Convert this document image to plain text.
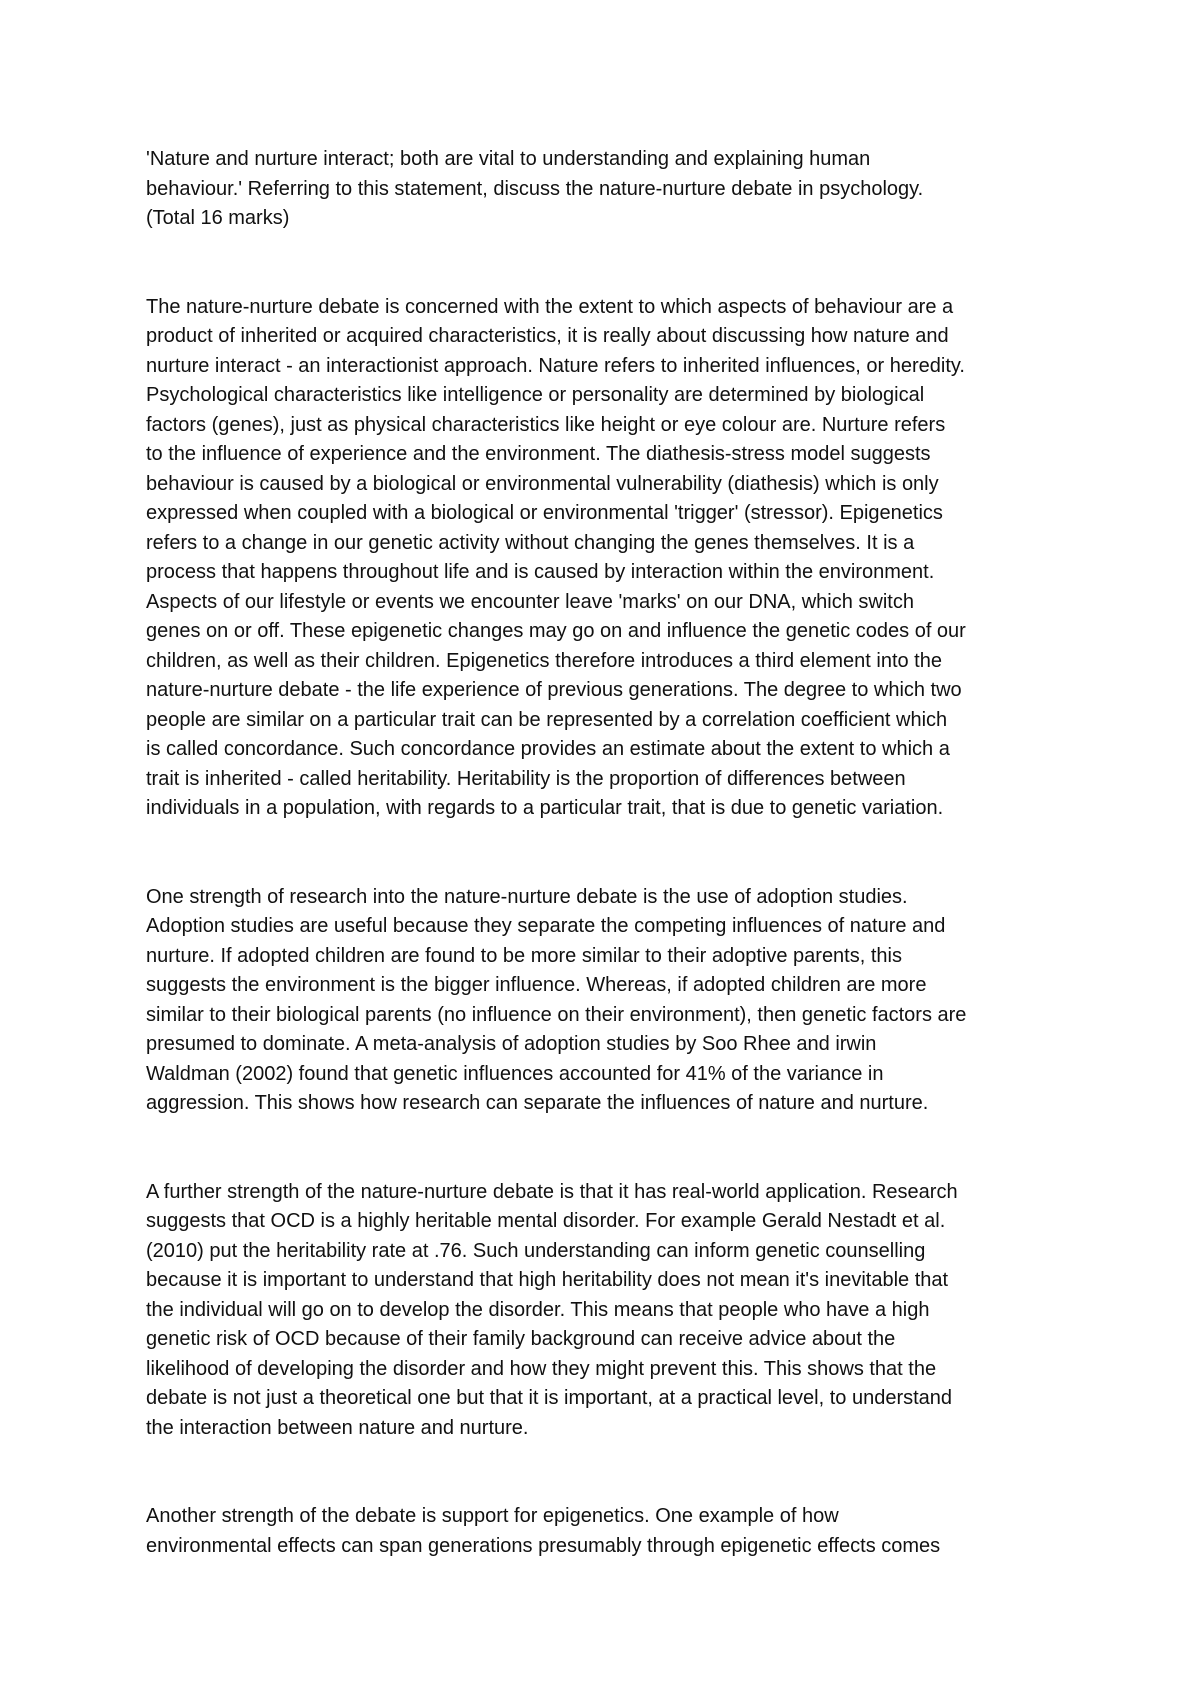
'Nature and nurture interact; both are vital to understanding and explaining human
behaviour.' Referring to this statement, discuss the nature-nurture debate in psychology.
(Total 16 marks)

The nature-nurture debate is concerned with the extent to which aspects of behaviour are a
product of inherited or acquired characteristics, it is really about discussing how nature and
nurture interact - an interactionist approach. Nature refers to inherited influences, or heredity.
Psychological characteristics like intelligence or personality are determined by biological
factors (genes), just as physical characteristics like height or eye colour are. Nurture refers
to the influence of experience and the environment. The diathesis-stress model suggests
behaviour is caused by a biological or environmental vulnerability (diathesis) which is only
expressed when coupled with a biological or environmental 'trigger' (stressor). Epigenetics
refers to a change in our genetic activity without changing the genes themselves. It is a
process that happens throughout life and is caused by interaction within the environment.
Aspects of our lifestyle or events we encounter leave 'marks' on our DNA, which switch
genes on or off. These epigenetic changes may go on and influence the genetic codes of our
children, as well as their children. Epigenetics therefore introduces a third element into the
nature-nurture debate - the life experience of previous generations. The degree to which two
people are similar on a particular trait can be represented by a correlation coefficient which
is called concordance. Such concordance provides an estimate about the extent to which a
trait is inherited - called heritability. Heritability is the proportion of differences between
individuals in a population, with regards to a particular trait, that is due to genetic variation.

One strength of research into the nature-nurture debate is the use of adoption studies.
Adoption studies are useful because they separate the competing influences of nature and
nurture. If adopted children are found to be more similar to their adoptive parents, this
suggests the environment is the bigger influence. Whereas, if adopted children are more
similar to their biological parents (no influence on their environment), then genetic factors are
presumed to dominate. A meta-analysis of adoption studies by Soo Rhee and irwin
Waldman (2002) found that genetic influences accounted for 41% of the variance in
aggression. This shows how research can separate the influences of nature and nurture.

A further strength of the nature-nurture debate is that it has real-world application. Research
suggests that OCD is a highly heritable mental disorder. For example Gerald Nestadt et al.
(2010) put the heritability rate at .76. Such understanding can inform genetic counselling
because it is important to understand that high heritability does not mean it's inevitable that
the individual will go on to develop the disorder. This means that people who have a high
genetic risk of OCD because of their family background can receive advice about the
likelihood of developing the disorder and how they might prevent this. This shows that the
debate is not just a theoretical one but that it is important, at a practical level, to understand
the interaction between nature and nurture.

Another strength of the debate is support for epigenetics. One example of how
environmental effects can span generations presumably through epigenetic effects comes
